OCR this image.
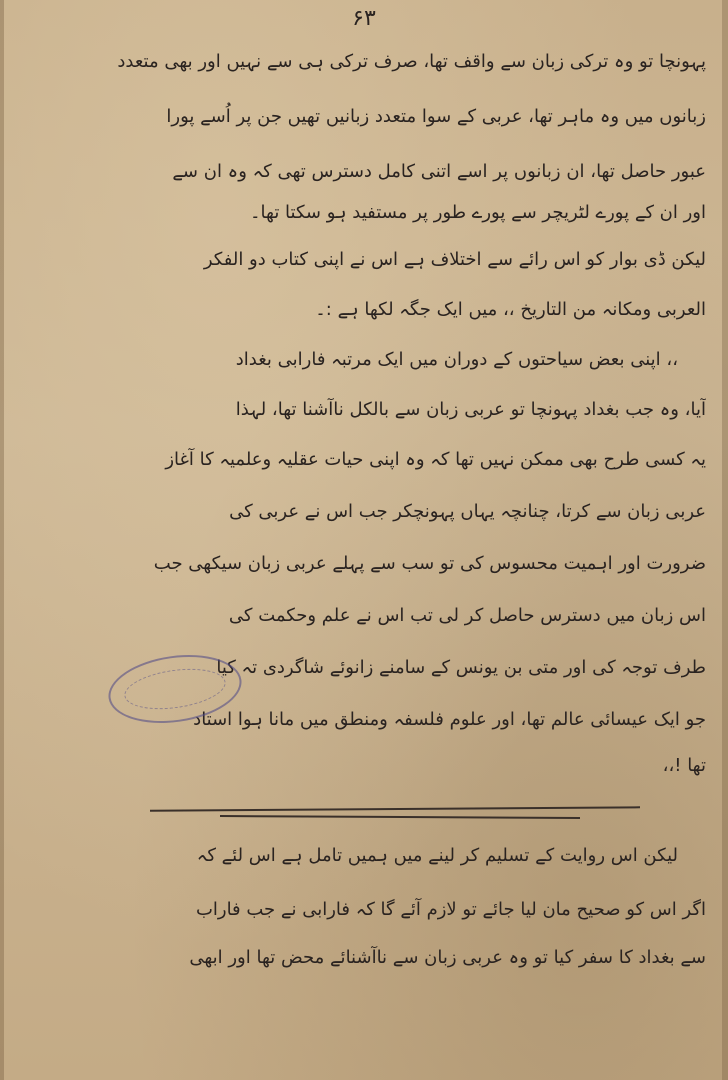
۶۳
پہونچا تو وہ ترکی زبان سے واقف تھا، صرف ترکی ہی سے نہیں اور بھی متعدد
زبانوں میں وہ ماہر تھا، عربی کے سوا متعدد زبانیں تھیں جن پر اُسے پورا
عبور حاصل تھا، ان زبانوں پر اسے اتنی کامل دسترس تھی کہ وہ ان سے
اور ان کے پورے لٹریچر سے پورے طور پر مستفید ہو سکتا تھا۔
لیکن ڈی بوار کو اس رائے سے اختلاف ہے اس نے اپنی کتاب دو الفکر
العربی ومکانہ من التاریخ ،، میں ایک جگہ لکھا ہے :۔
،، اپنی بعض سیاحتوں کے دوران میں ایک مرتبہ فارابی بغداد
آیا، وہ جب بغداد پہونچا تو عربی زبان سے بالکل ناآشنا تھا، لہذا
یہ کسی طرح بھی ممکن نہیں تھا کہ وہ اپنی حیات عقلیہ وعلمیہ کا آغاز
عربی زبان سے کرتا، چنانچہ یہاں پہونچکر جب اس نے عربی کی
ضرورت اور اہمیت محسوس کی تو سب سے پہلے عربی زبان سیکھی جب
اس زبان میں دسترس حاصل کر لی تب اس نے علم وحکمت کی
طرف توجہ کی اور متی بن یونس کے سامنے زانوئے شاگردی تہ کیا
جو ایک عیسائی عالم تھا، اور علوم فلسفہ ومنطق میں مانا ہوا استاد
تھا !،،
لیکن اس روایت کے تسلیم کر لینے میں ہمیں تامل ہے اس لئے کہ
اگر اس کو صحیح مان لیا جائے تو لازم آئے گا کہ فارابی نے جب فاراب
سے بغداد کا سفر کیا تو وہ عربی زبان سے ناآشنائے محض تھا اور ابھی
